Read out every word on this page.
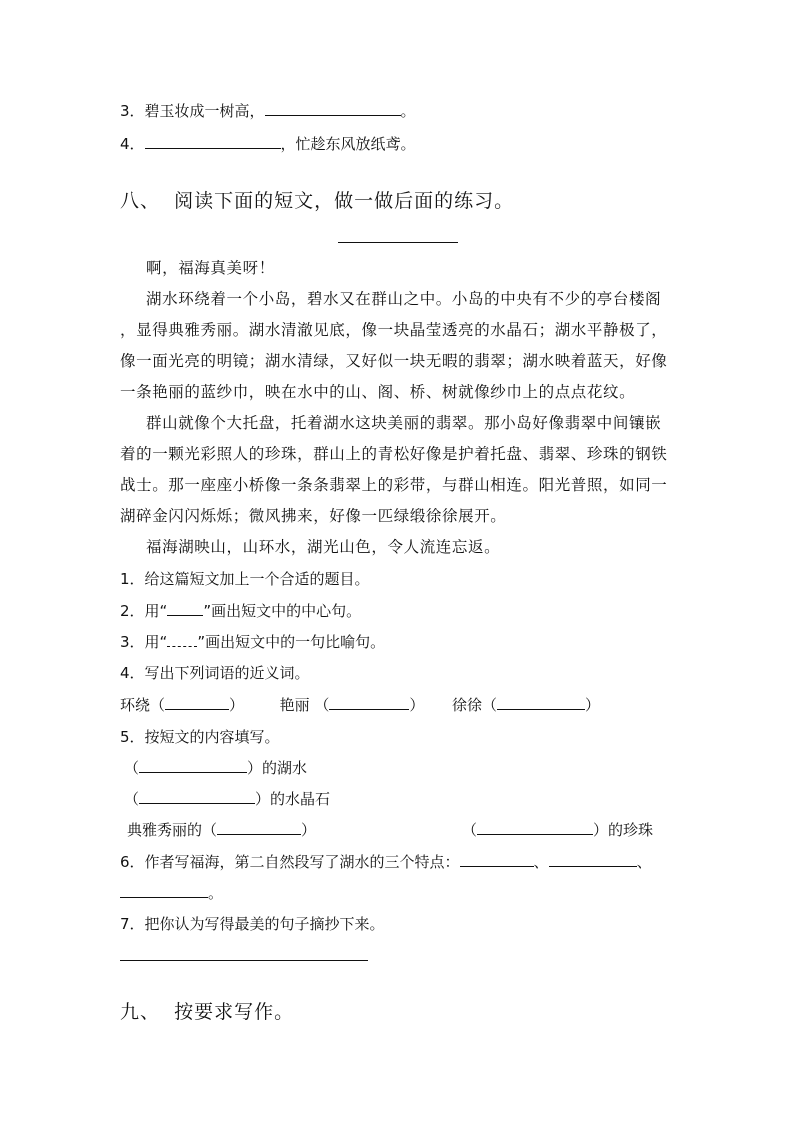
3．碧玉妆成一树高，	。
4．	，忙趁东风放纸鸢。
八、 阅读下面的短文，做一做后面的练习。

啊，福海真美呀！

湖水环绕着一个小岛，碧水又在群山之中。小岛的中央有不少的亭台楼阁

，显得典雅秀丽。湖水清澈见底，像一块晶莹透亮的水晶石；湖水平静极了，

像一面光亮的明镜；湖水清绿，又好似一块无暇的翡翠；湖水映着蓝天，好像

一条艳丽的蓝纱巾，映在水中的山、阁、桥、树就像纱巾上的点点花纹。

群山就像个大托盘，托着湖水这块美丽的翡翠。那小岛好像翡翠中间镶嵌

着的一颗光彩照人的珍珠，群山上的青松好像是护着托盘、翡翠、珍珠的钢铁

战士。那一座座小桥像一条条翡翠上的彩带，与群山相连。阳光普照，如同一

湖碎金闪闪烁烁；微风拂来，好像一匹绿缎徐徐展开。

福海湖映山，山环水，湖光山色，令人流连忘返。

1．给这篇短文加上一个合适的题目。
2．用“ ”画出短文中的中心句。
3．用“ ”画出短文中的一句比喻句。
4．写出下列词语的近义词。
环绕（	） 艳丽 （	） 徐徐（	）
5．按短文的内容填写。
（	）的湖水
（	）的水晶石
典雅秀丽的（	）	（	）的珍珠
6．作者写福海，第二自然段写了湖水的三个特点：	、	、
。
7．把你认为写得最美的句子摘抄下来。
九、 按要求写作。
